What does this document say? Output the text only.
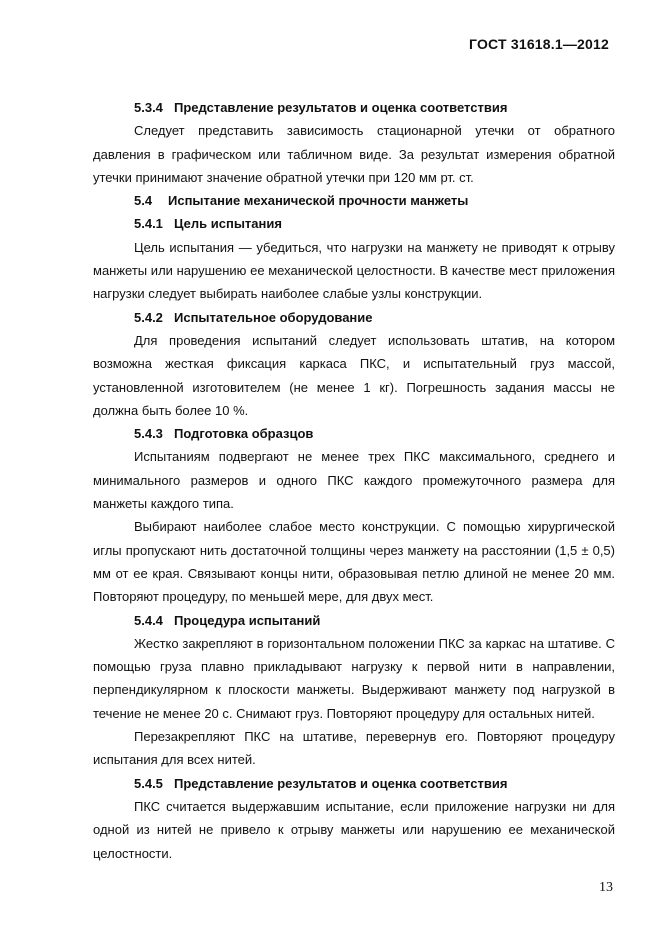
ГОСТ 31618.1—2012
5.3.4 Представление результатов и оценка соответствия
Следует представить зависимость стационарной утечки от обратного давления в графическом или табличном виде. За результат измерения обратной утечки принимают значение обратной утечки при 120 мм рт. ст.
5.4 Испытание механической прочности манжеты
5.4.1 Цель испытания
Цель испытания — убедиться, что нагрузки на манжету не приводят к отрыву манжеты или нарушению ее механической целостности. В качестве мест приложения нагрузки следует выбирать наиболее слабые узлы конструкции.
5.4.2 Испытательное оборудование
Для проведения испытаний следует использовать штатив, на котором возможна жесткая фиксация каркаса ПКС, и испытательный груз массой, установленной изготовителем (не менее 1 кг). Погрешность задания массы не должна быть более 10 %.
5.4.3 Подготовка образцов
Испытаниям подвергают не менее трех ПКС максимального, среднего и минимального размеров и одного ПКС каждого промежуточного размера для манжеты каждого типа.
Выбирают наиболее слабое место конструкции. С помощью хирургической иглы пропускают нить достаточной толщины через манжету на расстоянии (1,5 ± 0,5) мм от ее края. Связывают концы нити, образовывая петлю длиной не менее 20 мм. Повторяют процедуру, по меньшей мере, для двух мест.
5.4.4 Процедура испытаний
Жестко закрепляют в горизонтальном положении ПКС за каркас на штативе. С помощью груза плавно прикладывают нагрузку к первой нити в направлении, перпендикулярном к плоскости манжеты. Выдерживают манжету под нагрузкой в течение не менее 20 с. Снимают груз. Повторяют процедуру для остальных нитей.
Перезакрепляют ПКС на штативе, перевернув его. Повторяют процедуру испытания для всех нитей.
5.4.5 Представление результатов и оценка соответствия
ПКС считается выдержавшим испытание, если приложение нагрузки ни для одной из нитей не привело к отрыву манжеты или нарушению ее механической целостности.
13
